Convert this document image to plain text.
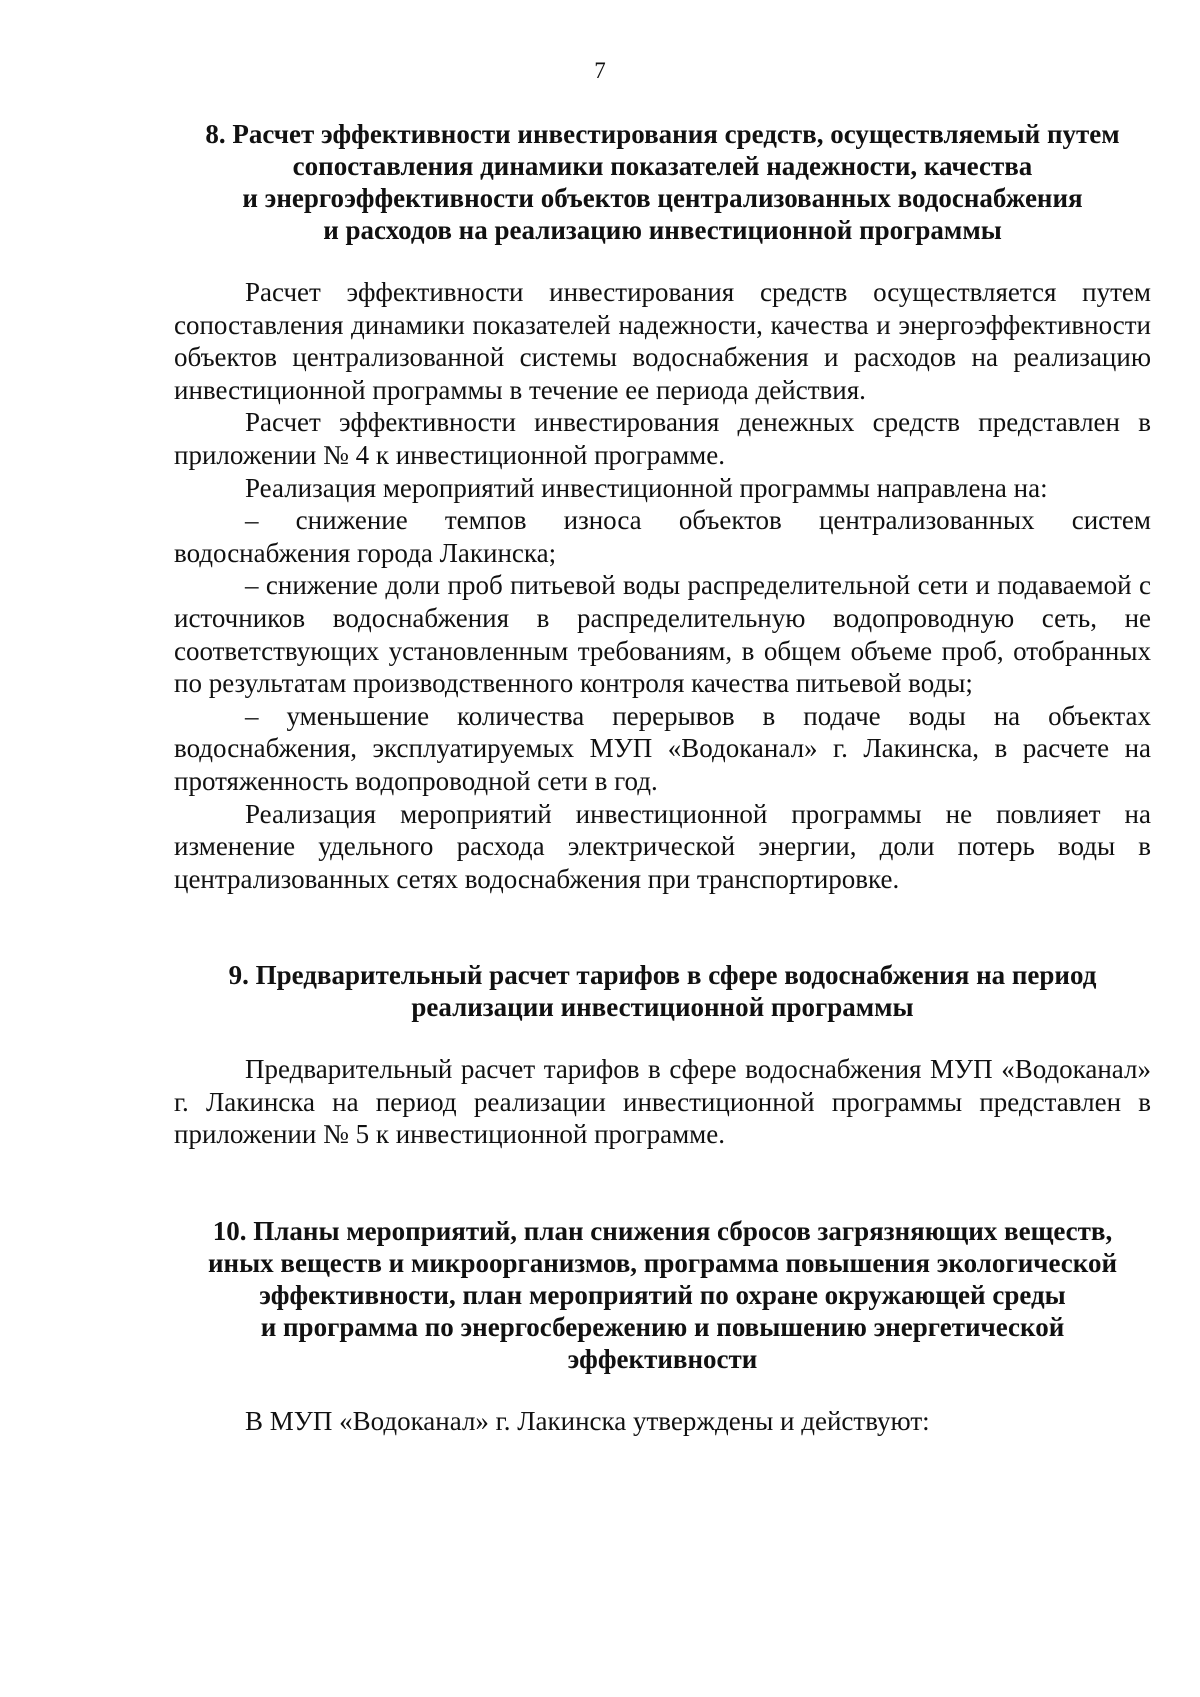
7
8. Расчет эффективности инвестирования средств, осуществляемый путем
сопоставления динамики показателей надежности, качества
и энергоэффективности объектов централизованных водоснабжения
и расходов на реализацию инвестиционной программы

Расчет эффективности инвестирования средств осуществляется путем сопоставления динамики показателей надежности, качества и энергоэффективности объектов централизованной системы водоснабжения и расходов на реализацию инвестиционной программы в течение ее периода действия.

Расчет эффективности инвестирования денежных средств представлен в приложении № 4 к инвестиционной программе.

Реализация мероприятий инвестиционной программы направлена на:

– снижение темпов износа объектов централизованных систем водоснабжения города Лакинска;

– снижение доли проб питьевой воды распределительной сети и подаваемой с источников водоснабжения в распределительную водопроводную сеть, не соответствующих установленным требованиям, в общем объеме проб, отобранных по результатам производственного контроля качества питьевой воды;

– уменьшение количества перерывов в подаче воды на объектах водоснабжения, эксплуатируемых МУП «Водоканал» г. Лакинска, в расчете на протяженность водопроводной сети в год.

Реализация мероприятий инвестиционной программы не повлияет на изменение удельного расхода электрической энергии, доли потерь воды в централизованных сетях водоснабжения при транспортировке.

9. Предварительный расчет тарифов в сфере водоснабжения на период
реализации инвестиционной программы

Предварительный расчет тарифов в сфере водоснабжения МУП «Водоканал» г. Лакинска на период реализации инвестиционной программы представлен в приложении № 5 к инвестиционной программе.

10. Планы мероприятий, план снижения сбросов загрязняющих веществ,
иных веществ и микроорганизмов, программа повышения экологической
эффективности, план мероприятий по охране окружающей среды
и программа по энергосбережению и повышению энергетической
эффективности

В МУП «Водоканал» г. Лакинска утверждены и действуют:
